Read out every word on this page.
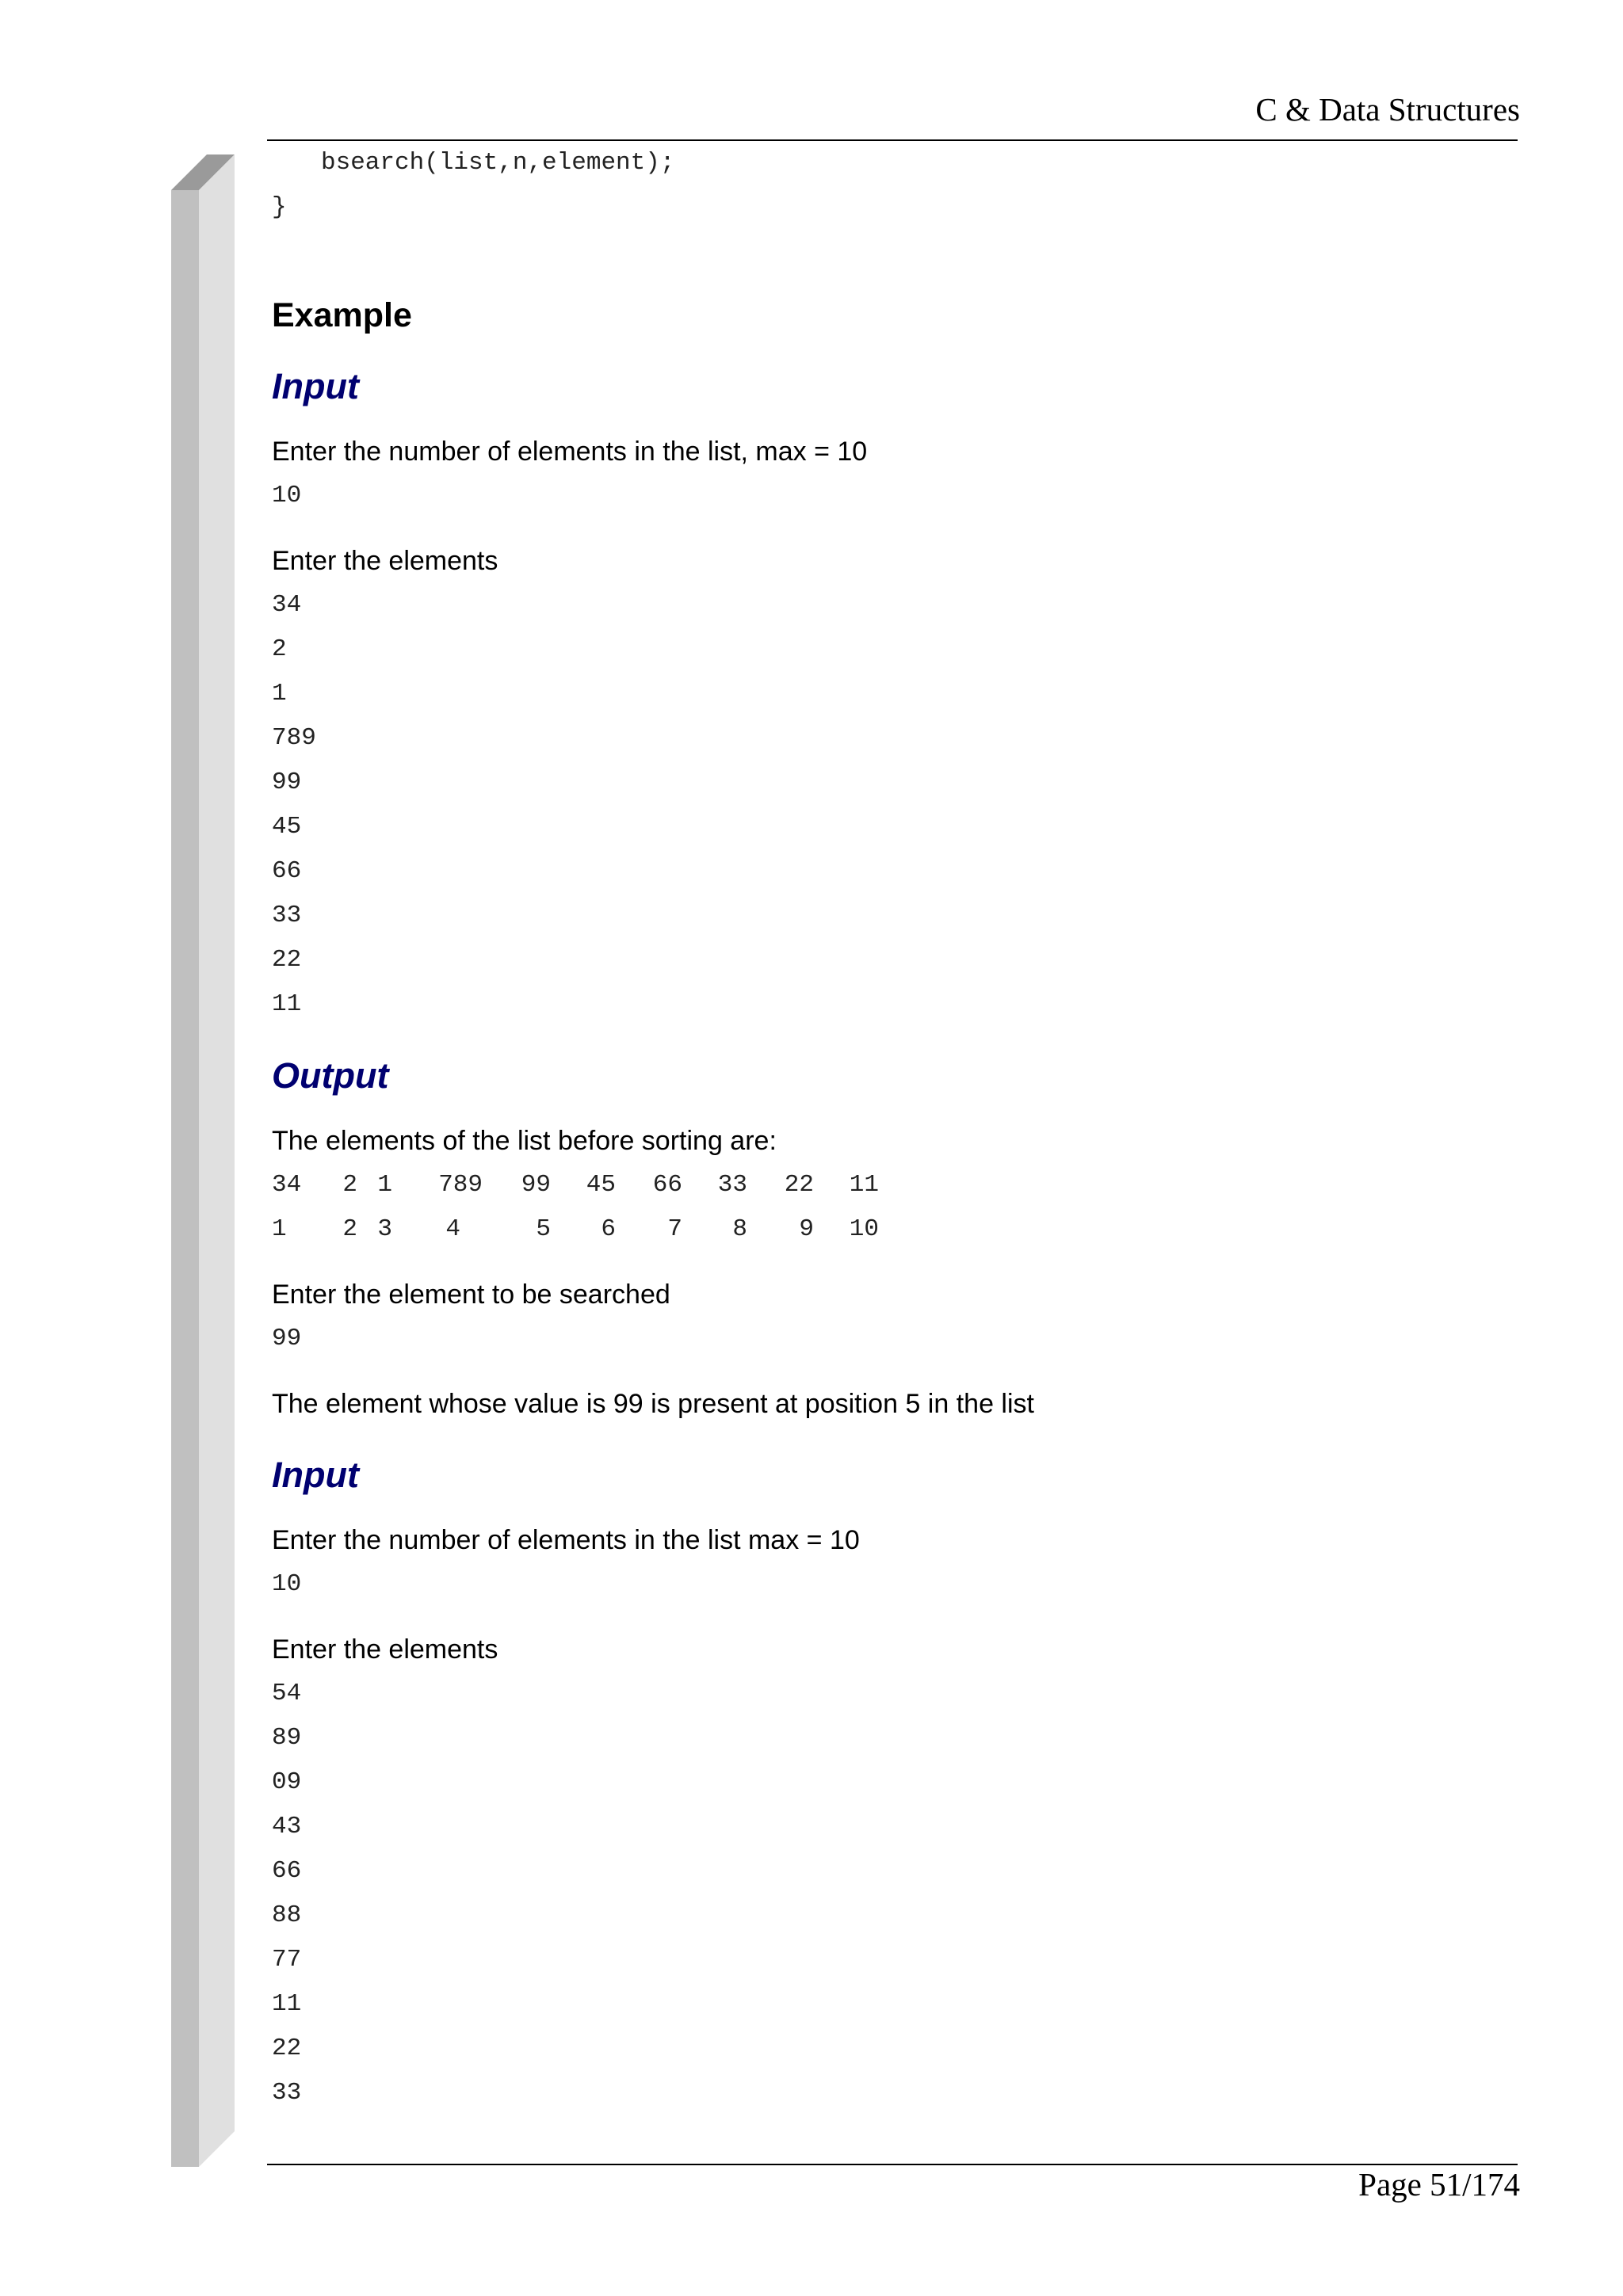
C & Data Structures
bsearch(list,n,element);
}
Example
Input

Enter the number of elements in the list, max = 10

10

Enter the elements

34
2
1
789
99
45
66
33
22
11
Output

The elements of the list before sorting are:

34	2	1	789	99	45	66	33	22	11
1	2	3	4	5	6	7	8	9	10

Enter the element to be searched

99

The element whose value is 99 is present at position 5 in the list

Input

Enter the number of elements in the list max = 10

10

Enter the elements

54
89
09
43
66
88
77
11
22
33
Page 51/174
